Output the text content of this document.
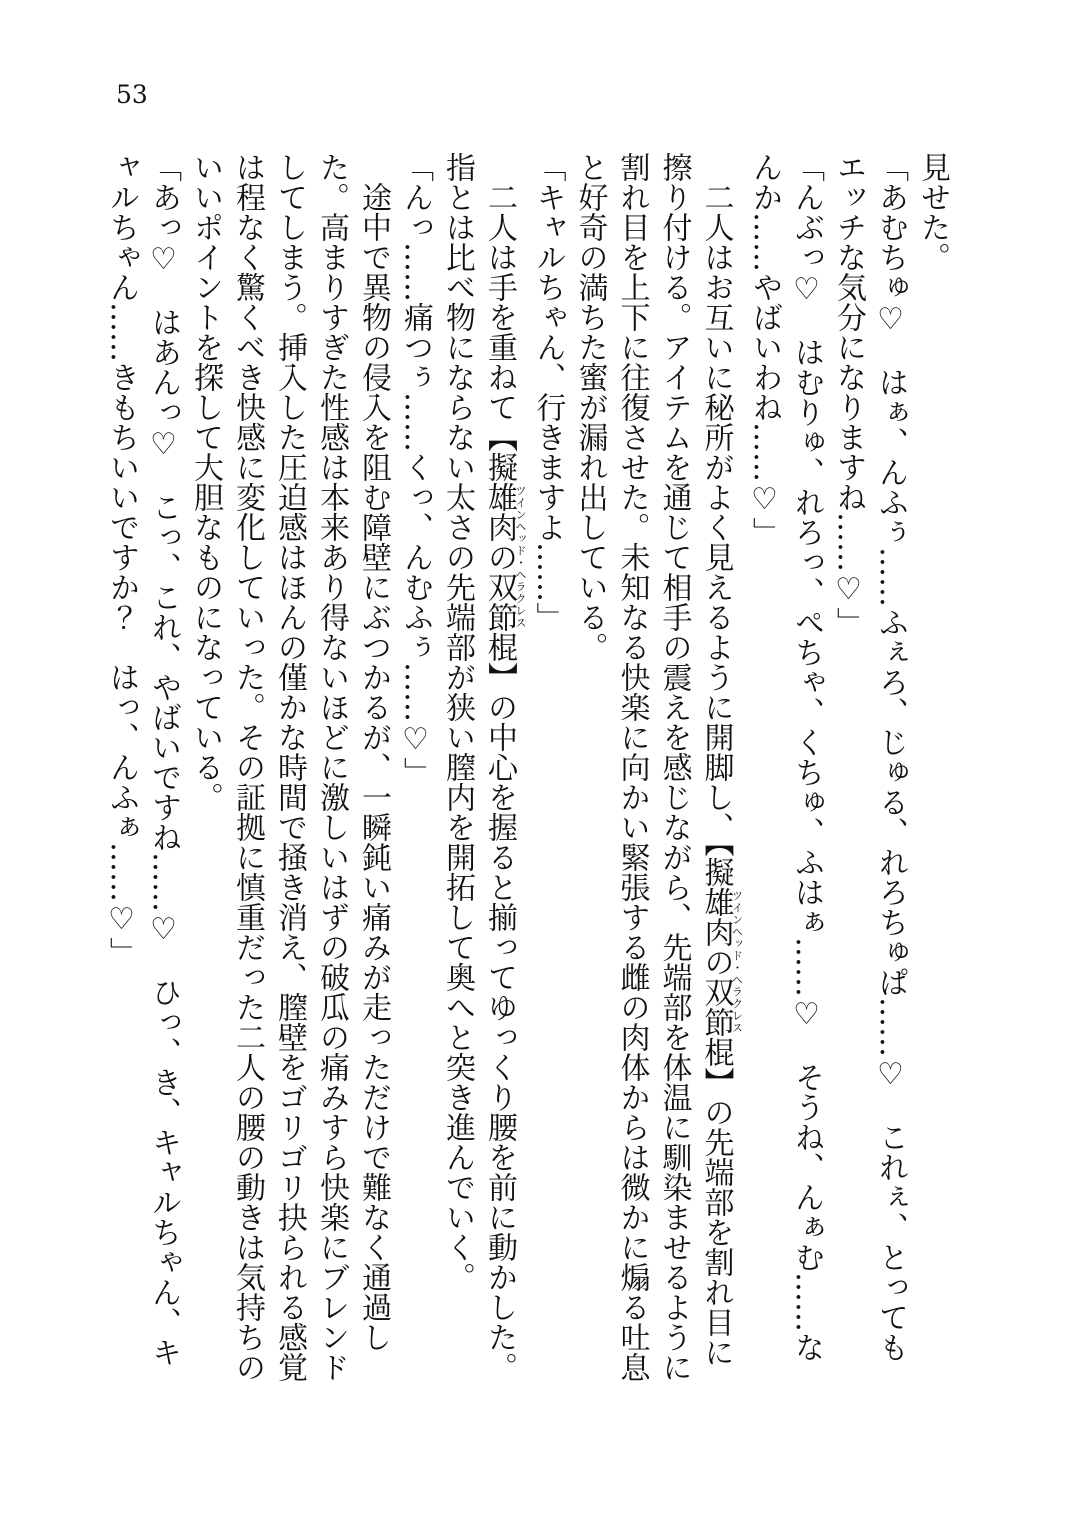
53

見せた。

「あむちゅ♡　はぁ、んふぅ……ふぇろ、じゅる、れろちゅぱ……♡　これぇ、とってもエッチな気分になりますね……♡」

「んぶっ♡　はむりゅ、れろっ、ぺちゃ、くちゅ、ふはぁ……♡　そうね、んぁむ……なんか……やばいわね……♡」

　二人はお互いに秘所がよく見えるように開脚し、【擬雄肉の双節棍ツインヘッド・ヘラクレス】の先端部を割れ目に擦り付ける。アイテムを通じて相手の震えを感じながら、先端部を体温に馴染ませるように割れ目を上下に往復させた。未知なる快楽に向かい緊張する雌の肉体からは微かに煽る吐息と好奇の満ちた蜜が漏れ出している。

「キャルちゃん、行きますよ……」

　二人は手を重ねて【擬雄肉の双節棍ツインヘッド・ヘラクレス】の中心を握ると揃ってゆっくり腰を前に動かした。指とは比べ物にならない太さの先端部が狭い膣内を開拓して奥へと突き進んでいく。

「んっ……痛つぅ……くっ、んむふぅ……♡」

　途中で異物の侵入を阻む障壁にぶつかるが、一瞬鈍い痛みが走っただけで難なく通過した。高まりすぎた性感は本来あり得ないほどに激しいはずの破瓜の痛みすら快楽にブレンドしてしまう。挿入した圧迫感はほんの僅かな時間で掻き消え、膣壁をゴリゴリ抉られる感覚は程なく驚くべき快感に変化していった。その証拠に慎重だった二人の腰の動きは気持ちのいいポイントを探して大胆なものになっている。

「あっ♡　はあんっ♡　こっ、これ、やばいですね……♡　ひっ、き、キャルちゃん、キャルちゃん……きもちいいですか？　はっ、んふぁ……♡」
